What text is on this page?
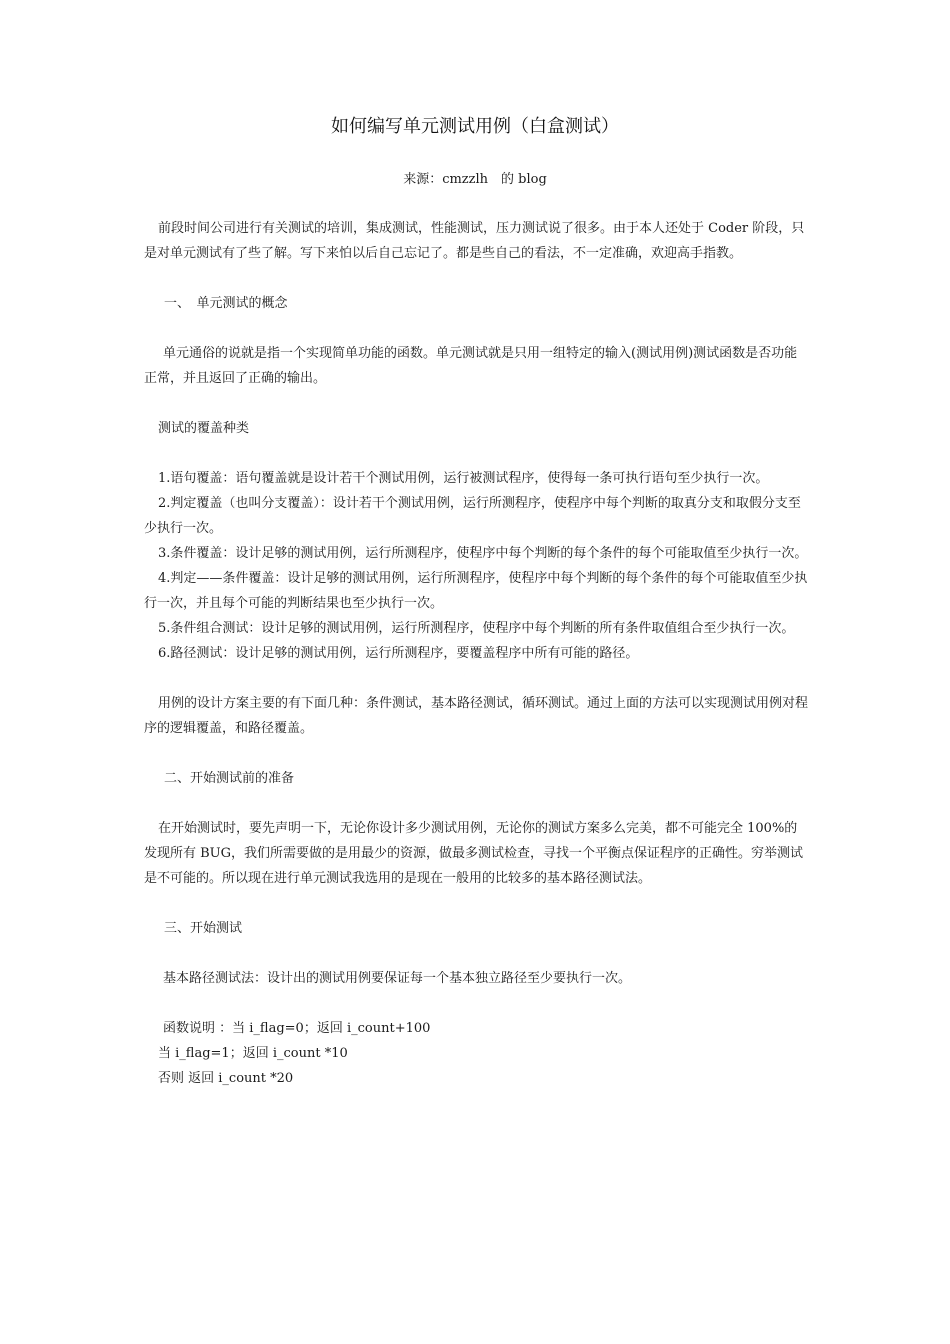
如何编写单元测试用例（白盒测试）
来源：cmzzlh　的 blog

前段时间公司进行有关测试的培训，集成测试，性能测试，压力测试说了很多。由于本人还处于 Coder 阶段，只是对单元测试有了些了解。写下来怕以后自己忘记了。都是些自己的看法，不一定准确，欢迎高手指教。

一、　单元测试的概念

单元通俗的说就是指一个实现简单功能的函数。单元测试就是只用一组特定的输入(测试用例)测试函数是否功能正常，并且返回了正确的输出。

测试的覆盖种类

1.语句覆盖：语句覆盖就是设计若干个测试用例，运行被测试程序，使得每一条可执行语句至少执行一次。

2.判定覆盖（也叫分支覆盖）：设计若干个测试用例，运行所测程序，使程序中每个判断的取真分支和取假分支至少执行一次。

3.条件覆盖：设计足够的测试用例，运行所测程序，使程序中每个判断的每个条件的每个可能取值至少执行一次。

4.判定——条件覆盖：设计足够的测试用例，运行所测程序，使程序中每个判断的每个条件的每个可能取值至少执行一次，并且每个可能的判断结果也至少执行一次。

5.条件组合测试：设计足够的测试用例，运行所测程序，使程序中每个判断的所有条件取值组合至少执行一次。

6.路径测试：设计足够的测试用例，运行所测程序，要覆盖程序中所有可能的路径。

用例的设计方案主要的有下面几种：条件测试，基本路径测试，循环测试。通过上面的方法可以实现测试用例对程序的逻辑覆盖，和路径覆盖。

二、开始测试前的准备

在开始测试时，要先声明一下，无论你设计多少测试用例，无论你的测试方案多么完美，都不可能完全 100%的发现所有 BUG，我们所需要做的是用最少的资源，做最多测试检查，寻找一个平衡点保证程序的正确性。穷举测试是不可能的。所以现在进行单元测试我选用的是现在一般用的比较多的基本路径测试法。

三、开始测试

基本路径测试法：设计出的测试用例要保证每一个基本独立路径至少要执行一次。

函数说明 ：当 i_flag=0；返回 i_count+100

当 i_flag=1；返回 i_count *10

否则 返回 i_count *20
